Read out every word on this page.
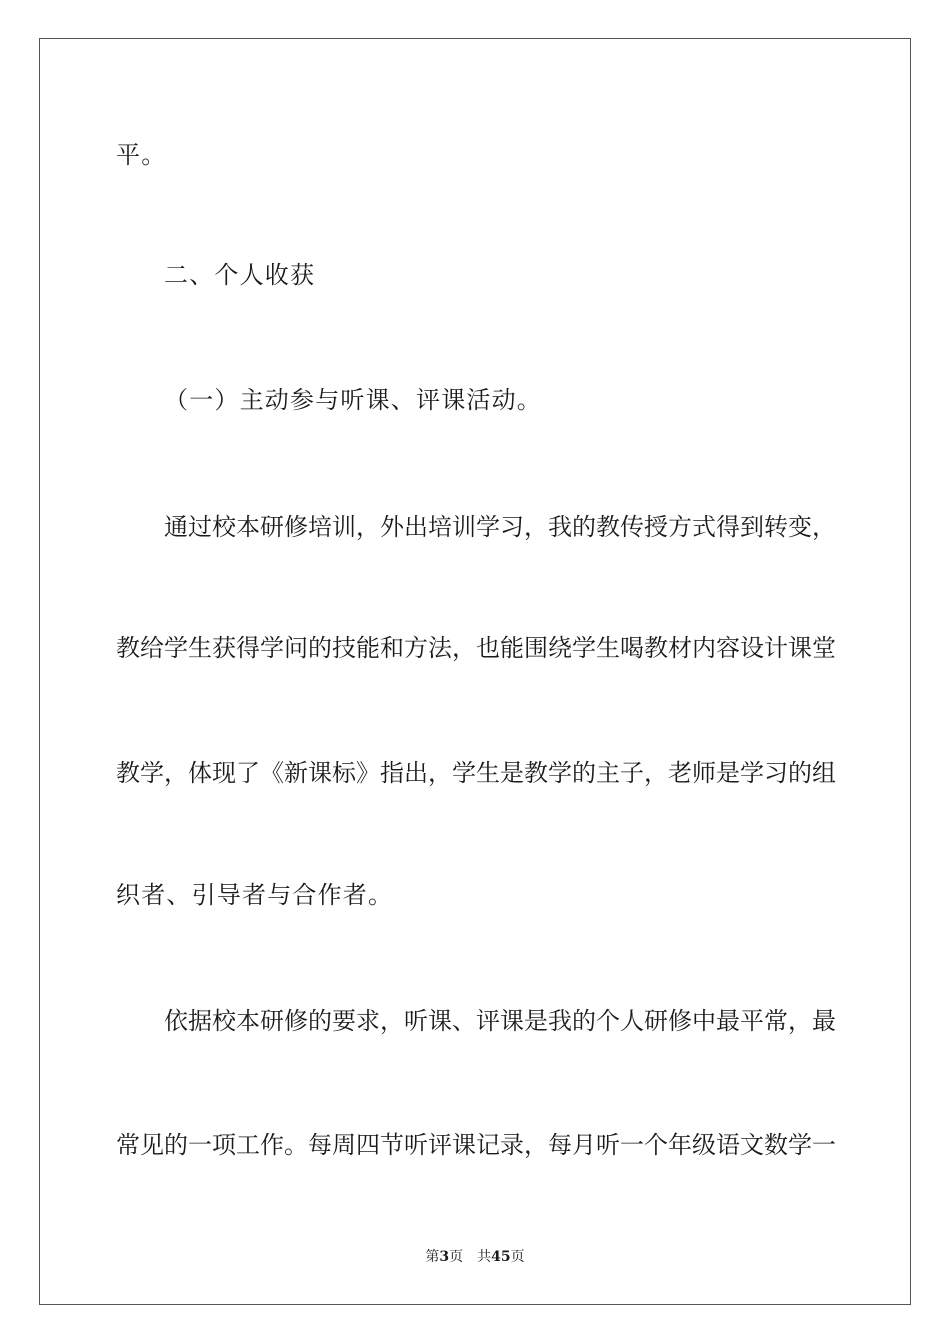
平。
二、个人收获
（一）主动参与听课、评课活动。
通过校本研修培训，外出培训学习，我的教传授方式得到转变，
教给学生获得学问的技能和方法，也能围绕学生喝教材内容设计课堂
教学，体现了《新课标》指出，学生是教学的主子，老师是学习的组
织者、引导者与合作者。
依据校本研修的要求，听课、评课是我的个人研修中最平常，最
常见的一项工作。每周四节听评课记录，每月听一个年级语文数学一
第3页 共45页
